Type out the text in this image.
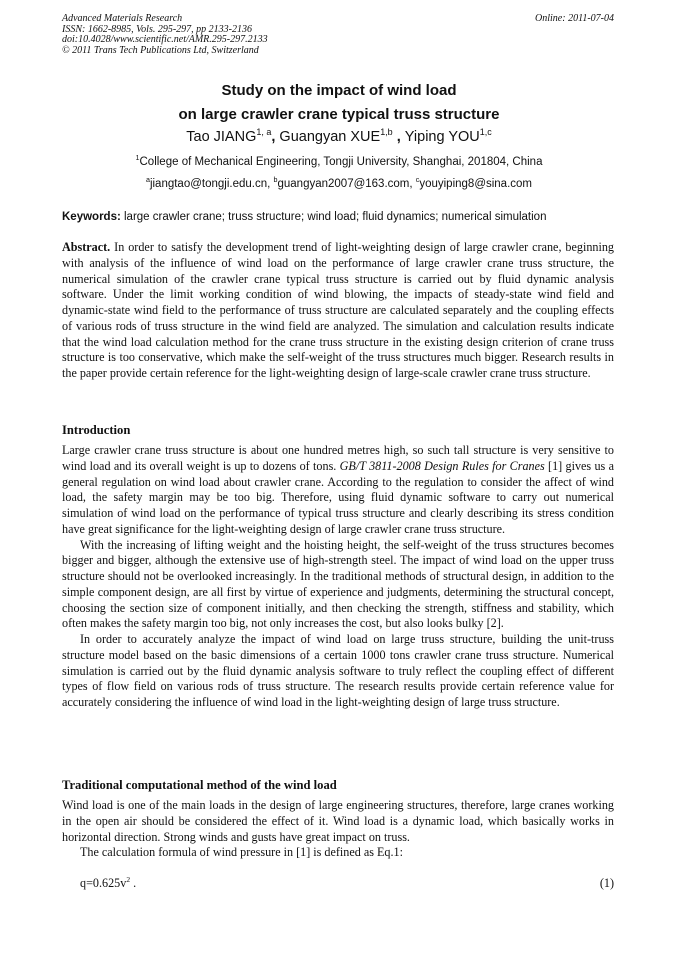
Advanced Materials Research
ISSN: 1662-8985, Vols. 295-297, pp 2133-2136
doi:10.4028/www.scientific.net/AMR.295-297.2133
© 2011 Trans Tech Publications Ltd, Switzerland
Online: 2011-07-04
Study on the impact of wind load
on large crawler crane typical truss structure
Tao JIANG$^{1, a}$, Guangyan XUE$^{1,b}$ , Yiping YOU$^{1,c}$
$^1$College of Mechanical Engineering, Tongji University, Shanghai, 201804, China
$^a$jiangtao@tongji.edu.cn, $^b$guangyan2007@163.com, $^c$youyiping8@sina.com
Keywords: large crawler crane; truss structure; wind load; fluid dynamics; numerical simulation

Abstract. In order to satisfy the development trend of light-weighting design of large crawler crane, beginning with analysis of the influence of wind load on the performance of large crawler crane truss structure, the numerical simulation of the crawler crane typical truss structure is carried out by fluid dynamic analysis software. Under the limit working condition of wind blowing, the impacts of steady-state wind field and dynamic-state wind field to the performance of truss structure are calculated separately and the coupling effects of various rods of truss structure in the wind field are analyzed. The simulation and calculation results indicate that the wind load calculation method for the crane truss structure in the existing design criterion of crane truss structure is too conservative, which make the self-weight of the truss structures much bigger. Research results in the paper provide certain reference for the light-weighting design of large-scale crawler crane truss structure.

Introduction

Large crawler crane truss structure is about one hundred metres high, so such tall structure is very sensitive to wind load and its overall weight is up to dozens of tons. GB/T 3811-2008 Design Rules for Cranes [1] gives us a general regulation on wind load about crawler crane. According to the regulation to consider the affect of wind load, the safety margin may be too big. Therefore, using fluid dynamic software to carry out numerical simulation of wind load on the performance of typical truss structure and clearly describing its stress condition have great significance for the light-weighting design of large crawler crane truss structure.

With the increasing of lifting weight and the hoisting height, the self-weight of the truss structures becomes bigger and bigger, although the extensive use of high-strength steel. The impact of wind load on the upper truss structure should not be overlooked increasingly. In the traditional methods of structural design, in addition to the simple component design, are all first by virtue of experience and judgments, determining the structural concept, choosing the section size of component initially, and then checking the strength, stiffness and stability, which often makes the safety margin too big, not only increases the cost, but also looks bulky [2].

In order to accurately analyze the impact of wind load on large truss structure, building the unit-truss structure model based on the basic dimensions of a certain 1000 tons crawler crane truss structure. Numerical simulation is carried out by the fluid dynamic analysis software to truly reflect the coupling effect of different types of flow field on various rods of truss structure. The research results provide certain reference value for accurately considering the influence of wind load in the light-weighting design of large truss structure.

Traditional computational method of the wind load

Wind load is one of the main loads in the design of large engineering structures, therefore, large cranes working in the open air should be considered the effect of it. Wind load is a dynamic load, which basically works in horizontal direction. Strong winds and gusts have great impact on truss.

The calculation formula of wind pressure in [1] is defined as Eq.1:

$q=0.625v^2$ .	(1)
